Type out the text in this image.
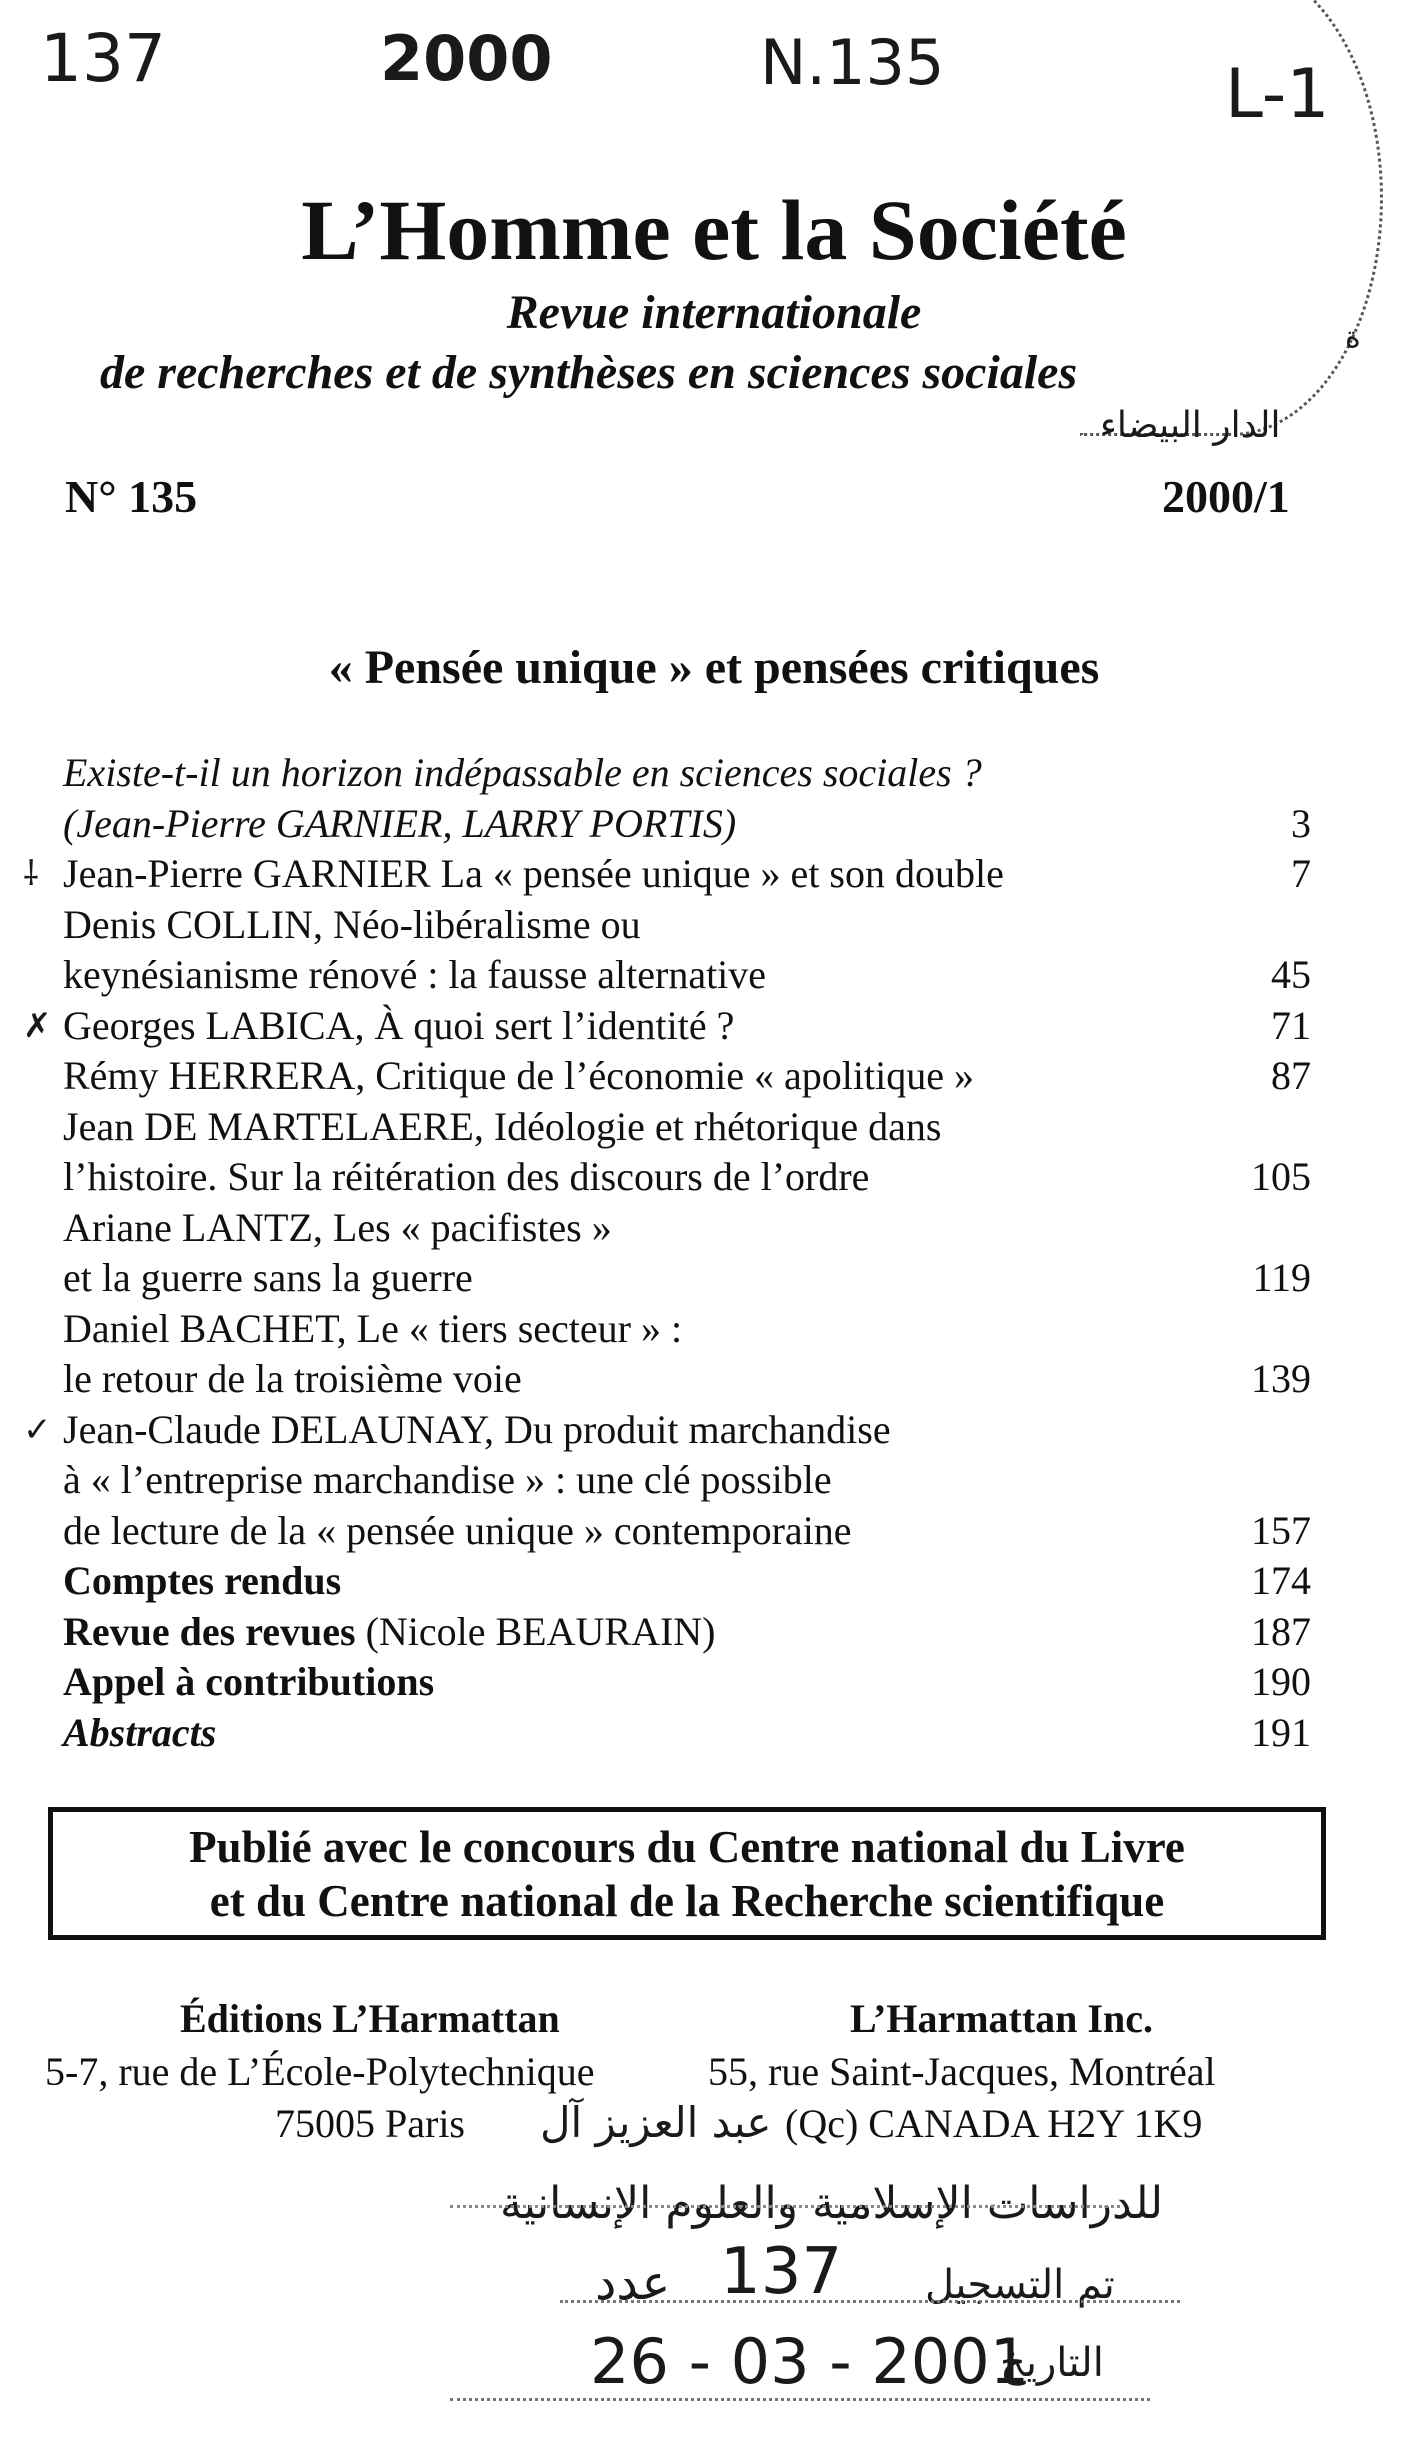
137	2000	N.135	L-1
الدار البيضاء
ة
L’Homme et la Société
Revue internationale
de recherches et de synthèses en sciences sociales
N° 135	2000/1
« Pensée unique » et pensées critiques
Existe-t-il un horizon indépassable en sciences sociales ?
(Jean-Pierre GARNIER, LARRY PORTIS)	3
⸸ Jean-Pierre GARNIER La « pensée unique » et son double	7
Denis COLLIN, Néo-libéralisme ou
keynésianisme rénové : la fausse alternative	45
✗ Georges LABICA, À quoi sert l’identité ?	71
Rémy HERRERA, Critique de l’économie « apolitique »	87
Jean DE MARTELAERE, Idéologie et rhétorique dans
l’histoire. Sur la réitération des discours de l’ordre	105
Ariane LANTZ, Les « pacifistes »
et la guerre sans la guerre	119
Daniel BACHET, Le « tiers secteur » :
le retour de la troisième voie	139
✓ Jean-Claude DELAUNAY, Du produit marchandise
à « l’entreprise marchandise » : une clé possible
de lecture de la « pensée unique » contemporaine	157
Comptes rendus	174
Revue des revues (Nicole BEAURAIN)	187
Appel à contributions	190
Abstracts	191
Publié avec le concours du Centre national du Livre
et du Centre national de la Recherche scientifique
Éditions L’Harmattan	L’Harmattan Inc.
5-7, rue de L’École-Polytechnique
75005 Paris
55, rue Saint-Jacques, Montréal
(Qc) CANADA H2Y 1K9
عبد العزيز آل
للدراسات الإسلامية والعلوم الإنسانية
عدد 137 تم التسجيل
26 - 03 - 2001
التاريخ
